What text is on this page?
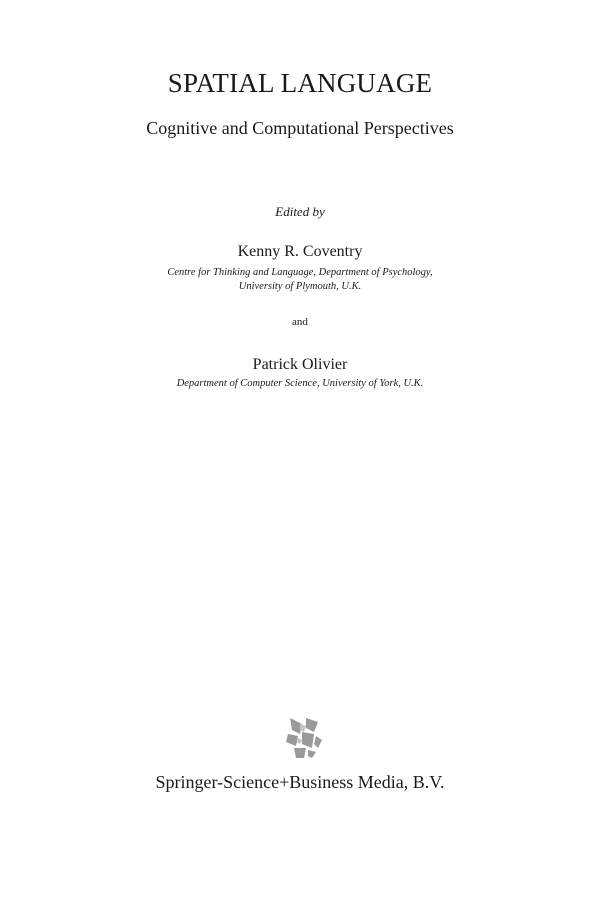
SPATIAL LANGUAGE
Cognitive and Computational Perspectives
Edited by
Kenny R. Coventry
Centre for Thinking and Language, Department of Psychology,
University of Plymouth, U.K.
and
Patrick Olivier
Department of Computer Science, University of York, U.K.
Springer-Science+Business Media, B.V.
